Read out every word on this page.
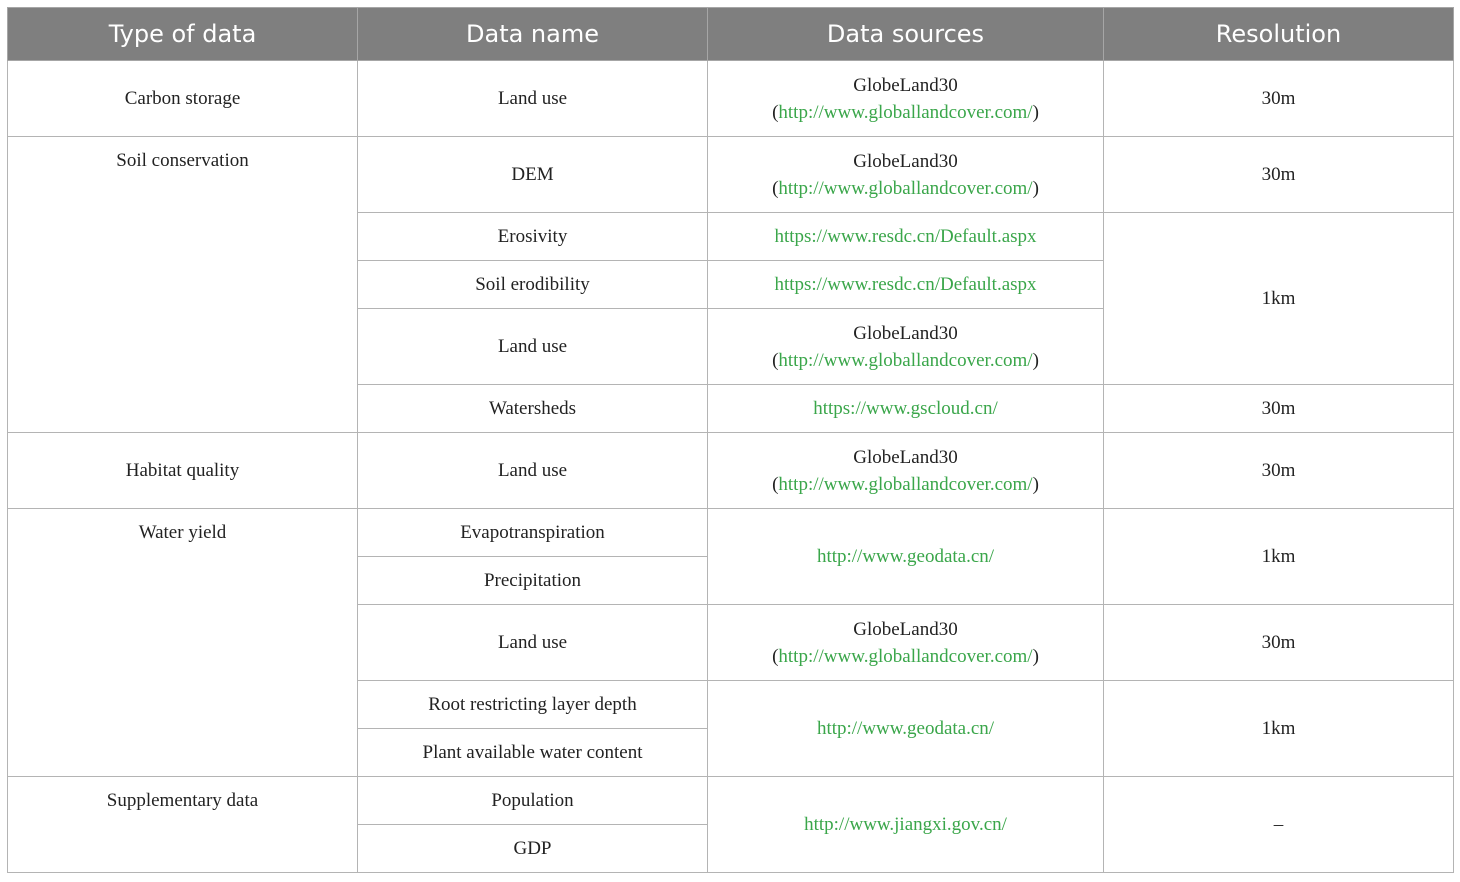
Type of data	Data name	Data sources	Resolution
Carbon storage	Land use	GlobeLand30
(http://www.globallandcover.com/)	30m
Soil conservation	DEM	GlobeLand30
(http://www.globallandcover.com/)	30m
	Erosivity	https://www.resdc.cn/Default.aspx	1km
	Soil erodibility	https://www.resdc.cn/Default.aspx	
	Land use	GlobeLand30
(http://www.globallandcover.com/)	

	Watersheds	https://www.gscloud.cn/	30m
Habitat quality	Land use	GlobeLand30
(http://www.globallandcover.com/)	30m
Water yield	Evapotranspiration	http://www.geodata.cn/	1km
	Precipitation		
	Land use	GlobeLand30
(http://www.globallandcover.com/)	30m
	Root restricting layer depth	http://www.geodata.cn/	1km
	Plant available water content		
Supplementary data	Population	http://www.jiangxi.gov.cn/	–
	GDP		
